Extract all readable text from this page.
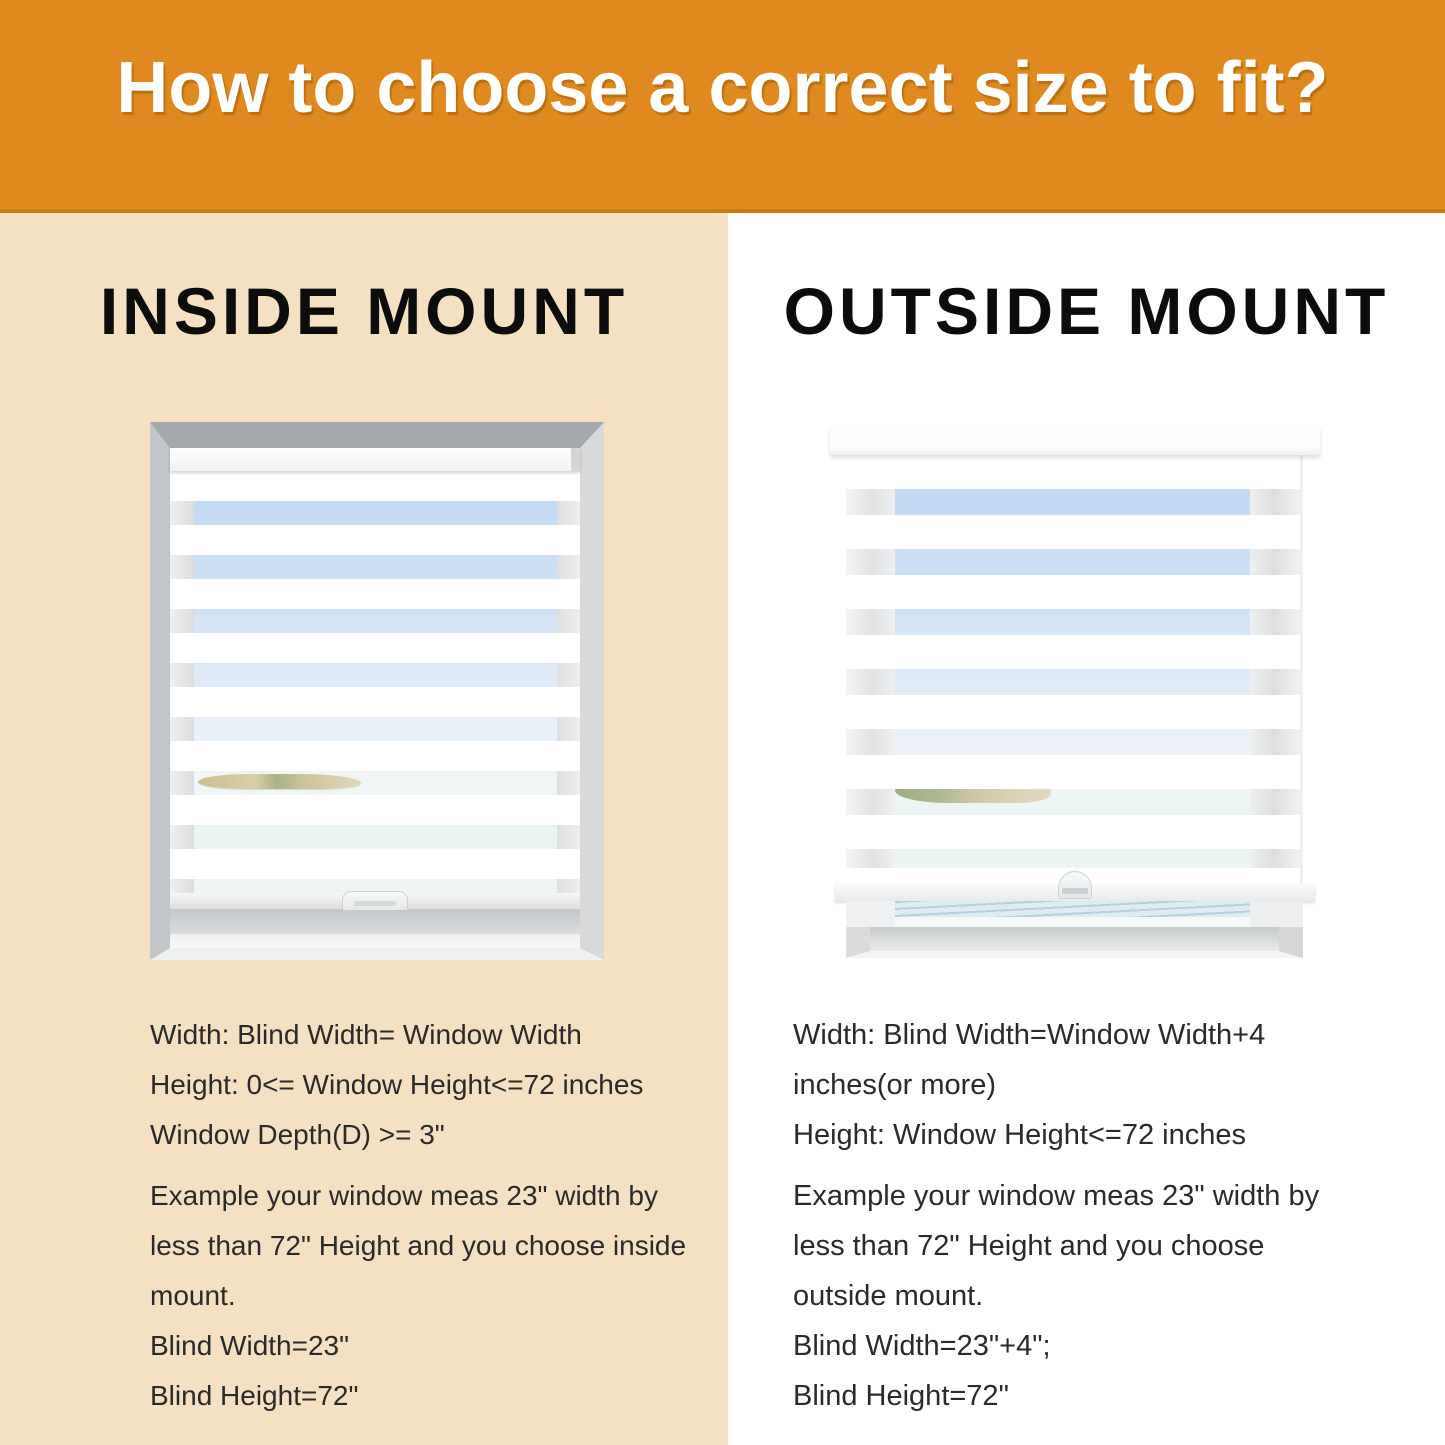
How to choose a correct size to fit?
INSIDE MOUNT
Width: Blind Width= Window Width
Height: 0<= Window Height<=72 inches
Window Depth(D) >= 3"
Example your window meas 23" width by less than 72" Height and you choose inside mount.
Blind Width=23"
Blind Height=72"
OUTSIDE MOUNT
Width: Blind Width=Window Width+4 inches(or more)
Height: Window Height<=72 inches
Example your window meas 23" width by less than 72" Height and you choose outside mount.
Blind Width=23"+4";
Blind Height=72"
